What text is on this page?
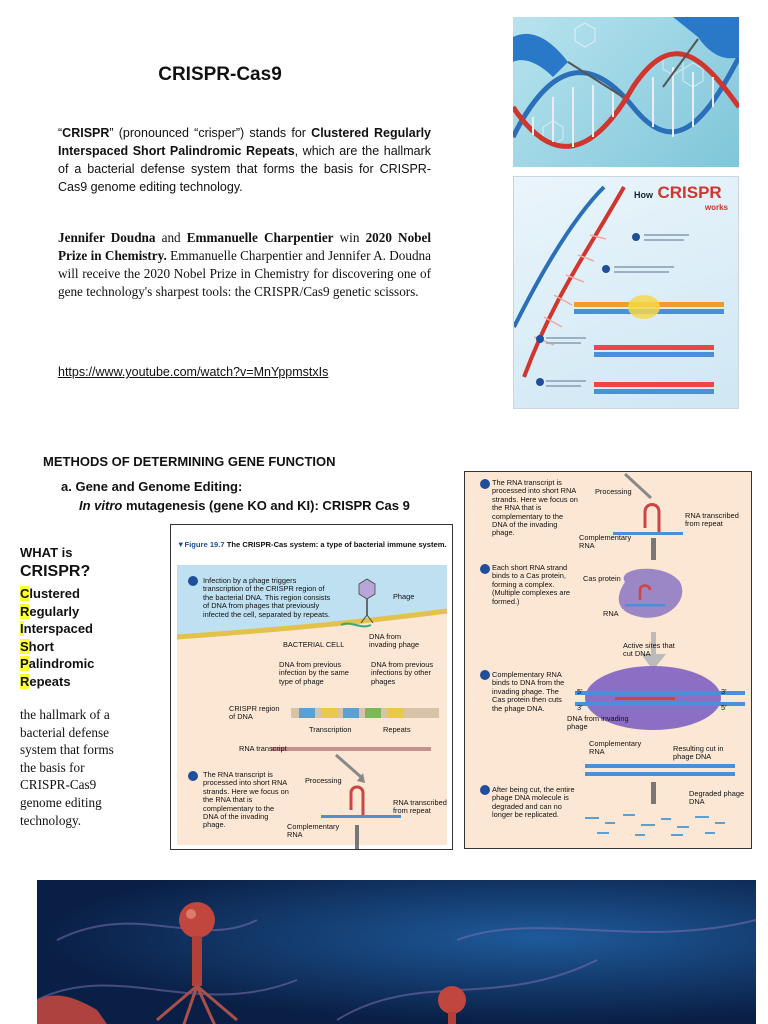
CRISPR-Cas9
“CRISPR” (pronounced “crisper”) stands for Clustered Regularly Interspaced Short Palindromic Repeats, which are the hallmark of a bacterial defense system that forms the basis for CRISPR-Cas9 genome editing technology.
Jennifer Doudna and Emmanuelle Charpentier win 2020 Nobel Prize in Chemistry. Emmanuelle Charpentier and Jennifer A. Doudna will receive the 2020 Nobel Prize in Chemistry for discovering one of gene technology's sharpest tools: the CRISPR/Cas9 genetic scissors.
https://www.youtube.com/watch?v=MnYppmstxIs
How CRISPR
works
METHODS OF DETERMINING GENE FUNCTION
a. Gene and Genome Editing:
In vitro mutagenesis (gene KO and KI): CRISPR Cas 9
WHAT is
CRISPR?
Clustered
Regularly
Interspaced
Short
Palindromic
Repeats
the hallmark of a bacterial defense system that forms the basis for CRISPR-Cas9 genome editing technology.
▼Figure 19.7 The CRISPR-Cas system: a type of bacterial immune system.
Infection by a phage triggers transcription of the CRISPR region of the bacterial DNA. This region consists of DNA from phages that previously infected the cell, separated by repeats.
Phage
BACTERIAL CELL
DNA from invading phage
DNA from previous infection by the same type of phage
DNA from previous infections by other phages
CRISPR region of DNA
Transcription	Repeats
RNA transcript
The RNA transcript is processed into short RNA strands. Here we focus on the RNA that is complementary to the DNA of the invading phage.
Processing
RNA transcribed from repeat
Complementary RNA
The RNA transcript is processed into short RNA strands. Here we focus on the RNA that is complementary to the DNA of the invading phage.
Processing
RNA transcribed from repeat
Complementary RNA
Each short RNA strand binds to a Cas protein, forming a complex. (Multiple complexes are formed.)
Cas protein
RNA
Active sites that cut DNA
Complementary RNA binds to DNA from the invading phage. The Cas protein then cuts the phage DNA.
5'
3'
3'
5'
DNA from invading phage
Complementary RNA	Resulting cut in phage DNA
After being cut, the entire phage DNA molecule is degraded and can no longer be replicated.
Degraded phage DNA
